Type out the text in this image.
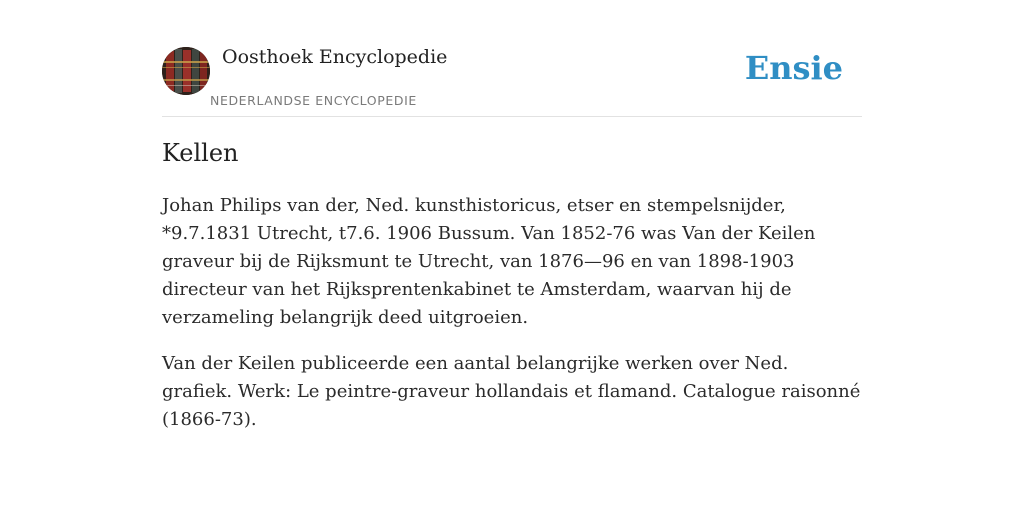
Oosthoek Encyclopedie
NEDERLANDSE ENCYCLOPEDIE
Ensie
Kellen

Johan Philips van der, Ned. kunsthistoricus, etser en stempelsnijder, *9.7.1831 Utrecht, t7.6. 1906 Bussum. Van 1852-76 was Van der Keilen graveur bij de Rijksmunt te Utrecht, van 1876—96 en van 1898-1903 directeur van het Rijksprentenkabinet te Amsterdam, waarvan hij de verzameling belangrijk deed uitgroeien.

Van der Keilen publiceerde een aantal belangrijke werken over Ned. grafiek. Werk: Le peintre-graveur hollandais et flamand. Catalogue raisonné (1866-73).
